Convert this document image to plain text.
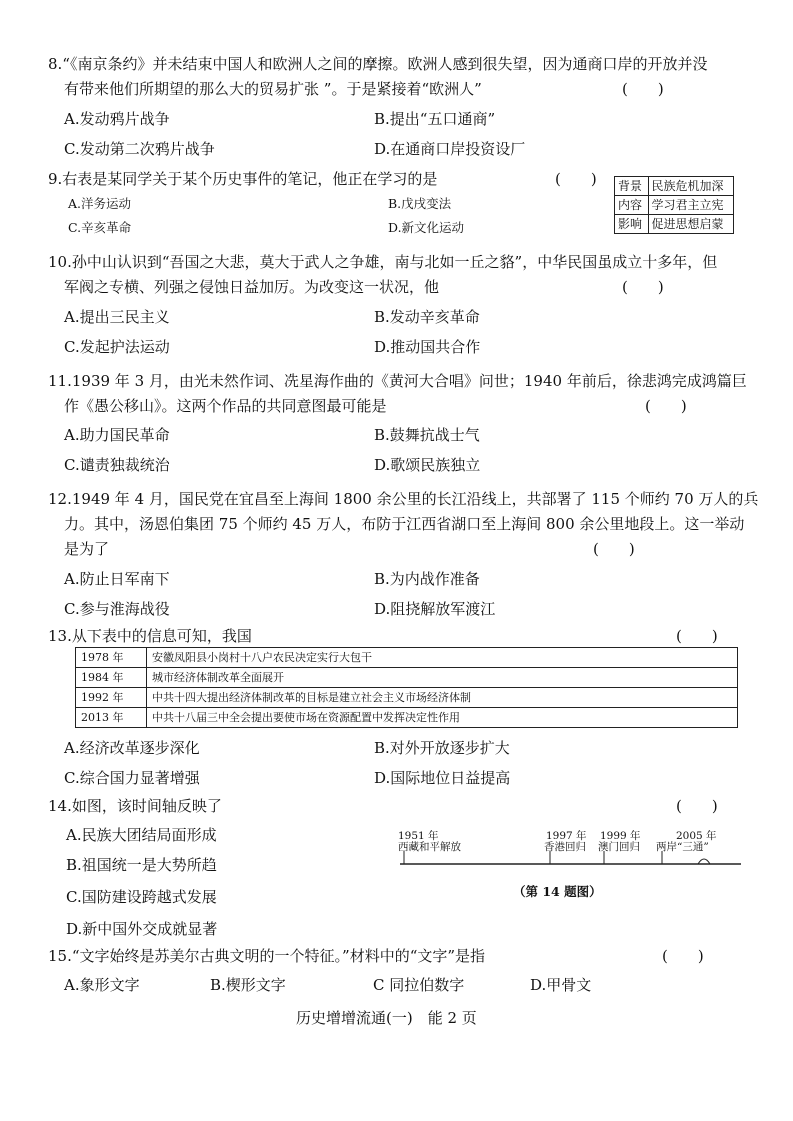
8.“《南京条约》并未结束中国人和欧洲人之间的摩擦。欧洲人感到很失望，因为通商口岸的开放并没
有带来他们所期望的那么大的贸易扩张 ”。于是紧接着“欧洲人”	(　　)
A.发动鸦片战争	B.提出“五口通商”
C.发动第二次鸦片战争	D.在通商口岸投资设厂
9.右表是某同学关于某个历史事件的笔记，他正在学习的是	(　　)
A.洋务运动	B.戊戌变法
C.辛亥革命	D.新文化运动
背景	民族危机加深
内容	学习君主立宪
影响	促进思想启蒙
10.孙中山认识到“吾国之大悲，莫大于武人之争雄，南与北如一丘之貉”，中华民国虽成立十多年，但
军阀之专横、列强之侵蚀日益加厉。为改变这一状况，他	(　　)
A.提出三民主义	B.发动辛亥革命
C.发起护法运动	D.推动国共合作
11.1939 年 3 月，由光未然作词、冼星海作曲的《黄河大合唱》问世；1940 年前后，徐悲鸿完成鸿篇巨
作《愚公移山》。这两个作品的共同意图最可能是	(　　)
A.助力国民革命	B.鼓舞抗战士气
C.谴责独裁统治	D.歌颂民族独立
12.1949 年 4 月，国民党在宜昌至上海间 1800 余公里的长江沿线上，共部署了 115 个师约 70 万人的兵
力。其中，汤恩伯集团 75 个师约 45 万人，布防于江西省湖口至上海间 800 余公里地段上。这一举动
是为了	(　　)
A.防止日军南下	B.为内战作准备
C.参与淮海战役	D.阻挠解放军渡江
13.从下表中的信息可知，我国	(　　)
1978 年	安徽凤阳县小岗村十八户农民决定实行大包干
1984 年	城市经济体制改革全面展开
1992 年	中共十四大提出经济体制改革的目标是建立社会主义市场经济体制
2013 年	中共十八届三中全会提出要使市场在资源配置中发挥决定性作用
A.经济改革逐步深化	B.对外开放逐步扩大
C.综合国力显著增强	D.国际地位日益提高
14.如图，该时间轴反映了	(　　)
A.民族大团结局面形成
B.祖国统一是大势所趋
C.国防建设跨越式发展
D.新中国外交成就显著
1951 年
西藏和平解放
1997 年
香港回归
1999 年
澳门回归
2005 年
两岸“三通”
（第 14 题图）
15.“文字始终是苏美尔古典文明的一个特征。”材料中的“文字”是指	(　　)
A.象形文字	B.楔形文字	C 同拉伯数字	D.甲骨文
历史增增流通(一)　能 2 页
